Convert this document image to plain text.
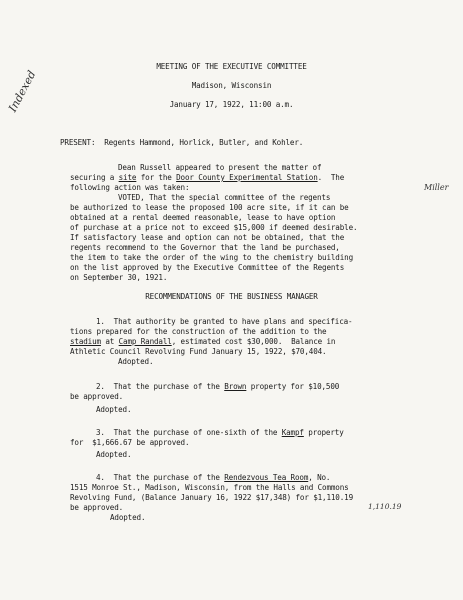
MEETING OF THE EXECUTIVE COMMITTEE
Madison, Wisconsin
January 17, 1922, 11:00 a.m.
Indexed
Miller
PRESENT:  Regents Hammond, Horlick, Butler, and Kohler.
Dean Russell appeared to present the matter of
securing a site for the Door County Experimental Station.  The
following action was taken:
VOTED, That the special committee of the regents
be authorized to lease the proposed 100 acre site, if it can be
obtained at a rental deemed reasonable, lease to have option
of purchase at a price not to exceed $15,000 if deemed desirable.
If satisfactory lease and option can not be obtained, that the
regents recommend to the Governor that the land be purchased,
the item to take the order of the wing to the chemistry building
on the list approved by the Executive Committee of the Regents
on September 30, 1921.
RECOMMENDATIONS OF THE BUSINESS MANAGER
1.  That authority be granted to have plans and specifica-
tions prepared for the construction of the addition to the
stadium at Camp Randall, estimated cost $30,000.  Balance in
Athletic Council Revolving Fund January 15, 1922, $70,404.
Adopted.
2.  That the purchase of the Brown property for $10,500
be approved.
Adopted.
3.  That the purchase of one-sixth of the Kampf property
for  $1,666.67 be approved.
Adopted.
4.  That the purchase of the Rendezvous Tea Room, No.
1515 Monroe St., Madison, Wisconsin, from the Halls and Commons
Revolving Fund, (Balance January 16, 1922 $17,348) for $1,110.19
be approved.	1,110.19
Adopted.
